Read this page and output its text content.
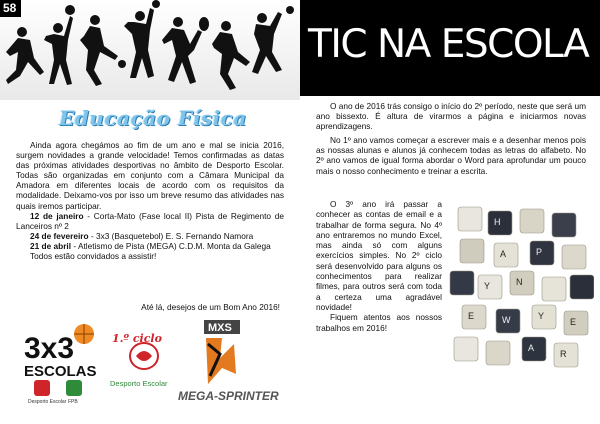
58
Educação Física

Ainda agora chegámos ao fim de um ano e mal se inicia 2016, surgem novidades a grande velocidade! Temos confirmadas as datas das próximas atividades desportivas no âmbito de Desporto Escolar. Todas são organizadas em conjunto com a Câmara Municipal da Amadora em diferentes locais de acordo com os requisitos da modalidade. Deixamo-vos por isso um breve resumo das atividades nas quais iremos participar.

12 de janeiro - Corta-Mato (Fase local II) Pista de Regimento de Lanceiros nº 2

24 de fevereiro - 3x3 (Basquetebol) E. S. Fernando Namora

21 de abril - Atletismo de Pista (MEGA) C.D.M. Monta da Galega

Todos estão convidados a assistir!

Até lá, desejos de um Bom Ano 2016!
3x3
ESCOLAS
Desporto Escolar FPB
1.º ciclo
Desporto Escolar
MXS
MEGA-SPRINTER
TIC NA ESCOLA
59

O ano de 2016 trás consigo o início do 2º período, neste que será um ano bissexto. É altura de virarmos a página e iniciarmos novas aprendizagens.

No 1º ano vamos começar a escrever mais e a desenhar menos pois as nossas alunas e alunos já conhecem todas as letras do alfabeto. No 2º ano vamos de igual forma abordar o Word para aprofundar um pouco mais o nosso conhecimento e treinar a escrita.

O 3º ano irá passar a conhecer as contas de email e a trabalhar de forma segura. No 4º ano entraremos no mundo Excel, mas ainda só com alguns exercícios simples. No 2º ciclo será desenvolvido para alguns os conhecimentos para realizar filmes, para outros será com toda a certeza uma agradável novidade!

Fiquem atentos aos nossos trabalhos em 2016!

H
A	P
Y	N
E	W	Y
E
A
R
